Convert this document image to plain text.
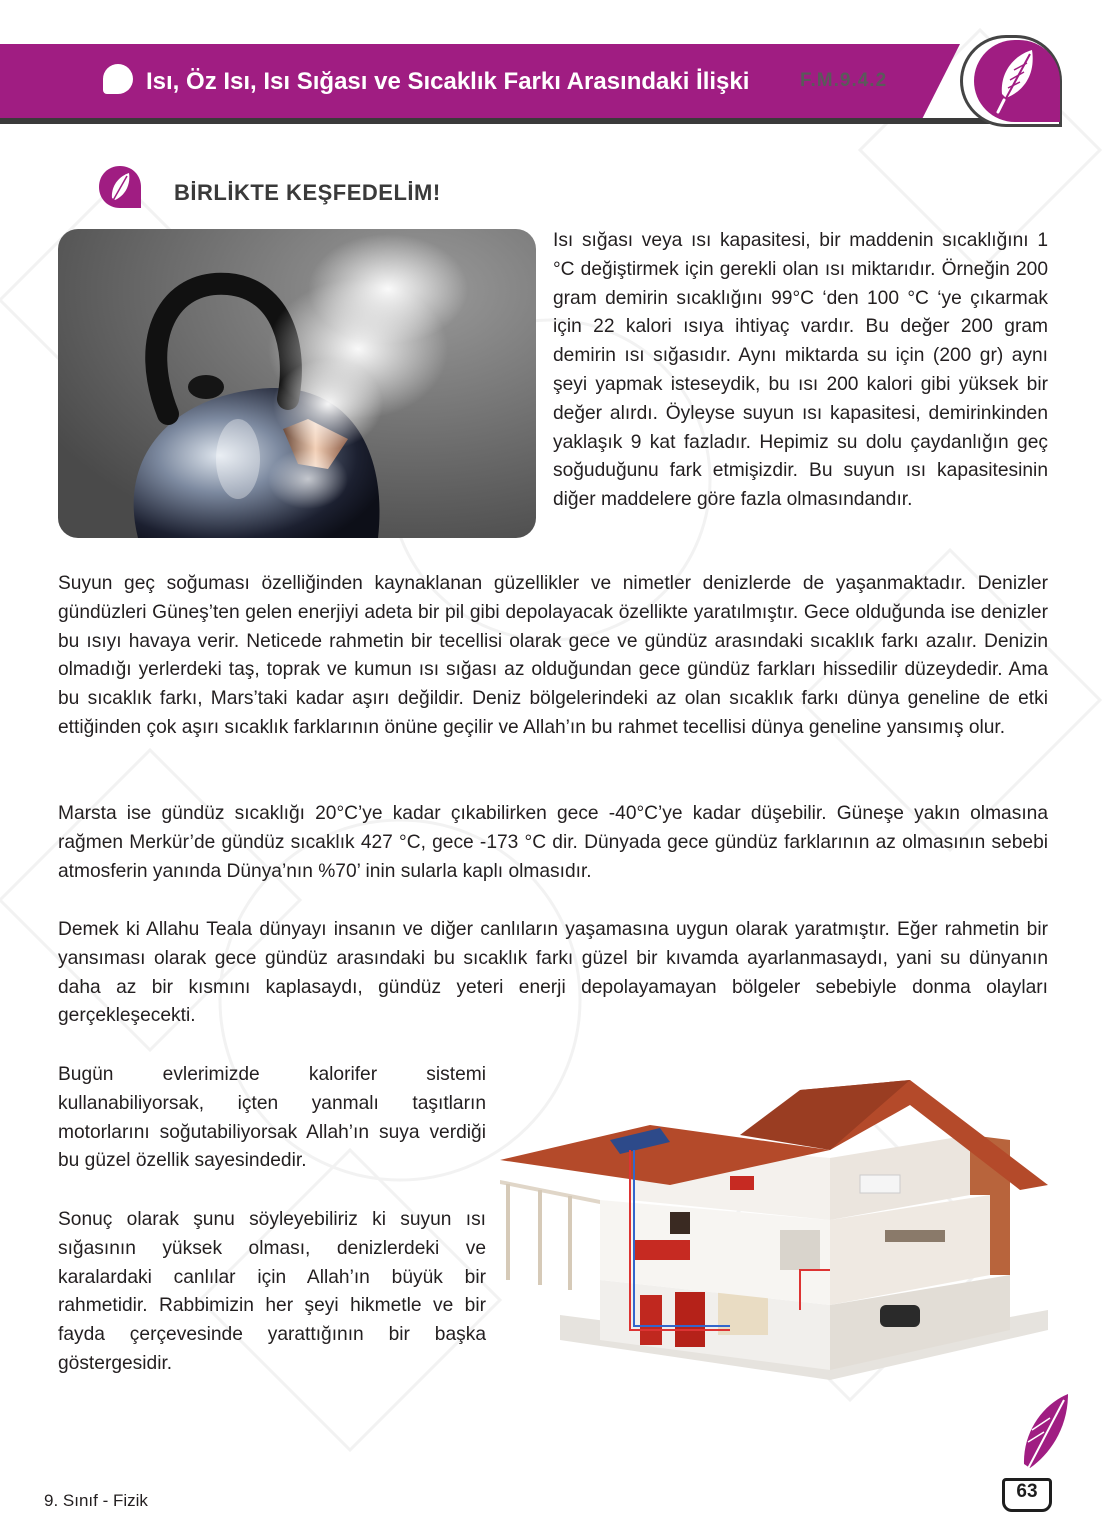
Isı, Öz Isı, Isı Sığası ve Sıcaklık Farkı Arasındaki İlişki	F.M.9.4.2
BİRLİKTE KEŞFEDELİM!

Isı sığası veya ısı kapasitesi, bir maddenin sıcaklığını 1 °C değiştirmek için gerekli olan ısı miktarıdır. Örneğin 200 gram demirin sıcaklığını 99°C ‘den 100 °C ‘ye çıkarmak için 22 kalori ısıya ihtiyaç vardır. Bu değer 200 gram demirin ısı sığasıdır. Aynı miktarda su için (200 gr) aynı şeyi yapmak isteseydik, bu ısı 200 kalori gibi yüksek bir değer alırdı. Öyleyse suyun ısı kapasitesi, demirinkinden yaklaşık 9 kat fazladır. Hepimiz su dolu çaydanlığın geç soğuduğunu fark etmişizdir. Bu suyun ısı kapasitesinin diğer maddelere göre fazla olmasındandır.

Suyun geç soğuması özelliğinden kaynaklanan güzellikler ve nimetler denizlerde de yaşanmaktadır. Denizler gündüzleri Güneş’ten gelen enerjiyi adeta bir pil gibi depolayacak özellikte yaratılmıştır. Gece olduğunda ise denizler bu ısıyı havaya verir. Neticede rahmetin bir tecellisi olarak gece ve gündüz arasındaki sıcaklık farkı azalır. Denizin olmadığı yerlerdeki taş, toprak ve kumun ısı sığası az olduğundan gece gündüz farkları hissedilir düzeydedir. Ama bu sıcaklık farkı, Mars’taki kadar aşırı değildir. Deniz bölgelerindeki az olan sıcaklık farkı dünya geneline de etki ettiğinden çok aşırı sıcaklık farklarının önüne geçilir ve Allah’ın bu rahmet tecellisi dünya geneline yansımış olur.

Marsta ise gündüz sıcaklığı 20°C’ye kadar çıkabilirken gece -40°C’ye kadar düşebilir. Güneşe yakın olmasına rağmen Merkür’de gündüz sıcaklık 427 °C, gece -173 °C dir. Dünyada gece gündüz farklarının az olmasının sebebi atmosferin yanında Dünya’nın %70’ inin sularla kaplı olmasıdır.

Demek ki Allahu Teala dünyayı insanın ve diğer canlıların yaşamasına uygun olarak yaratmıştır. Eğer rahmetin bir yansıması olarak gece gündüz arasındaki bu sıcaklık farkı güzel bir kıvamda ayarlanmasaydı, yani su dünyanın daha az bir kısmını kaplasaydı, gündüz yeteri enerji depolayamayan bölgeler sebebiyle donma olayları gerçekleşecekti.

Bugün evlerimizde kalorifer sistemi kullanabiliyorsak, içten yanmalı taşıtların motorlarını soğutabiliyorsak Allah’ın suya verdiği bu güzel özellik sayesindedir.

Sonuç olarak şunu söyleyebiliriz ki suyun ısı sığasının yüksek olması, denizlerdeki ve karalardaki canlılar için Allah’ın büyük bir rahmetidir. Rabbimizin her şeyi hikmetle ve bir fayda çerçevesinde yarattığının bir başka göstergesidir.

9. Sınıf - Fizik	63
